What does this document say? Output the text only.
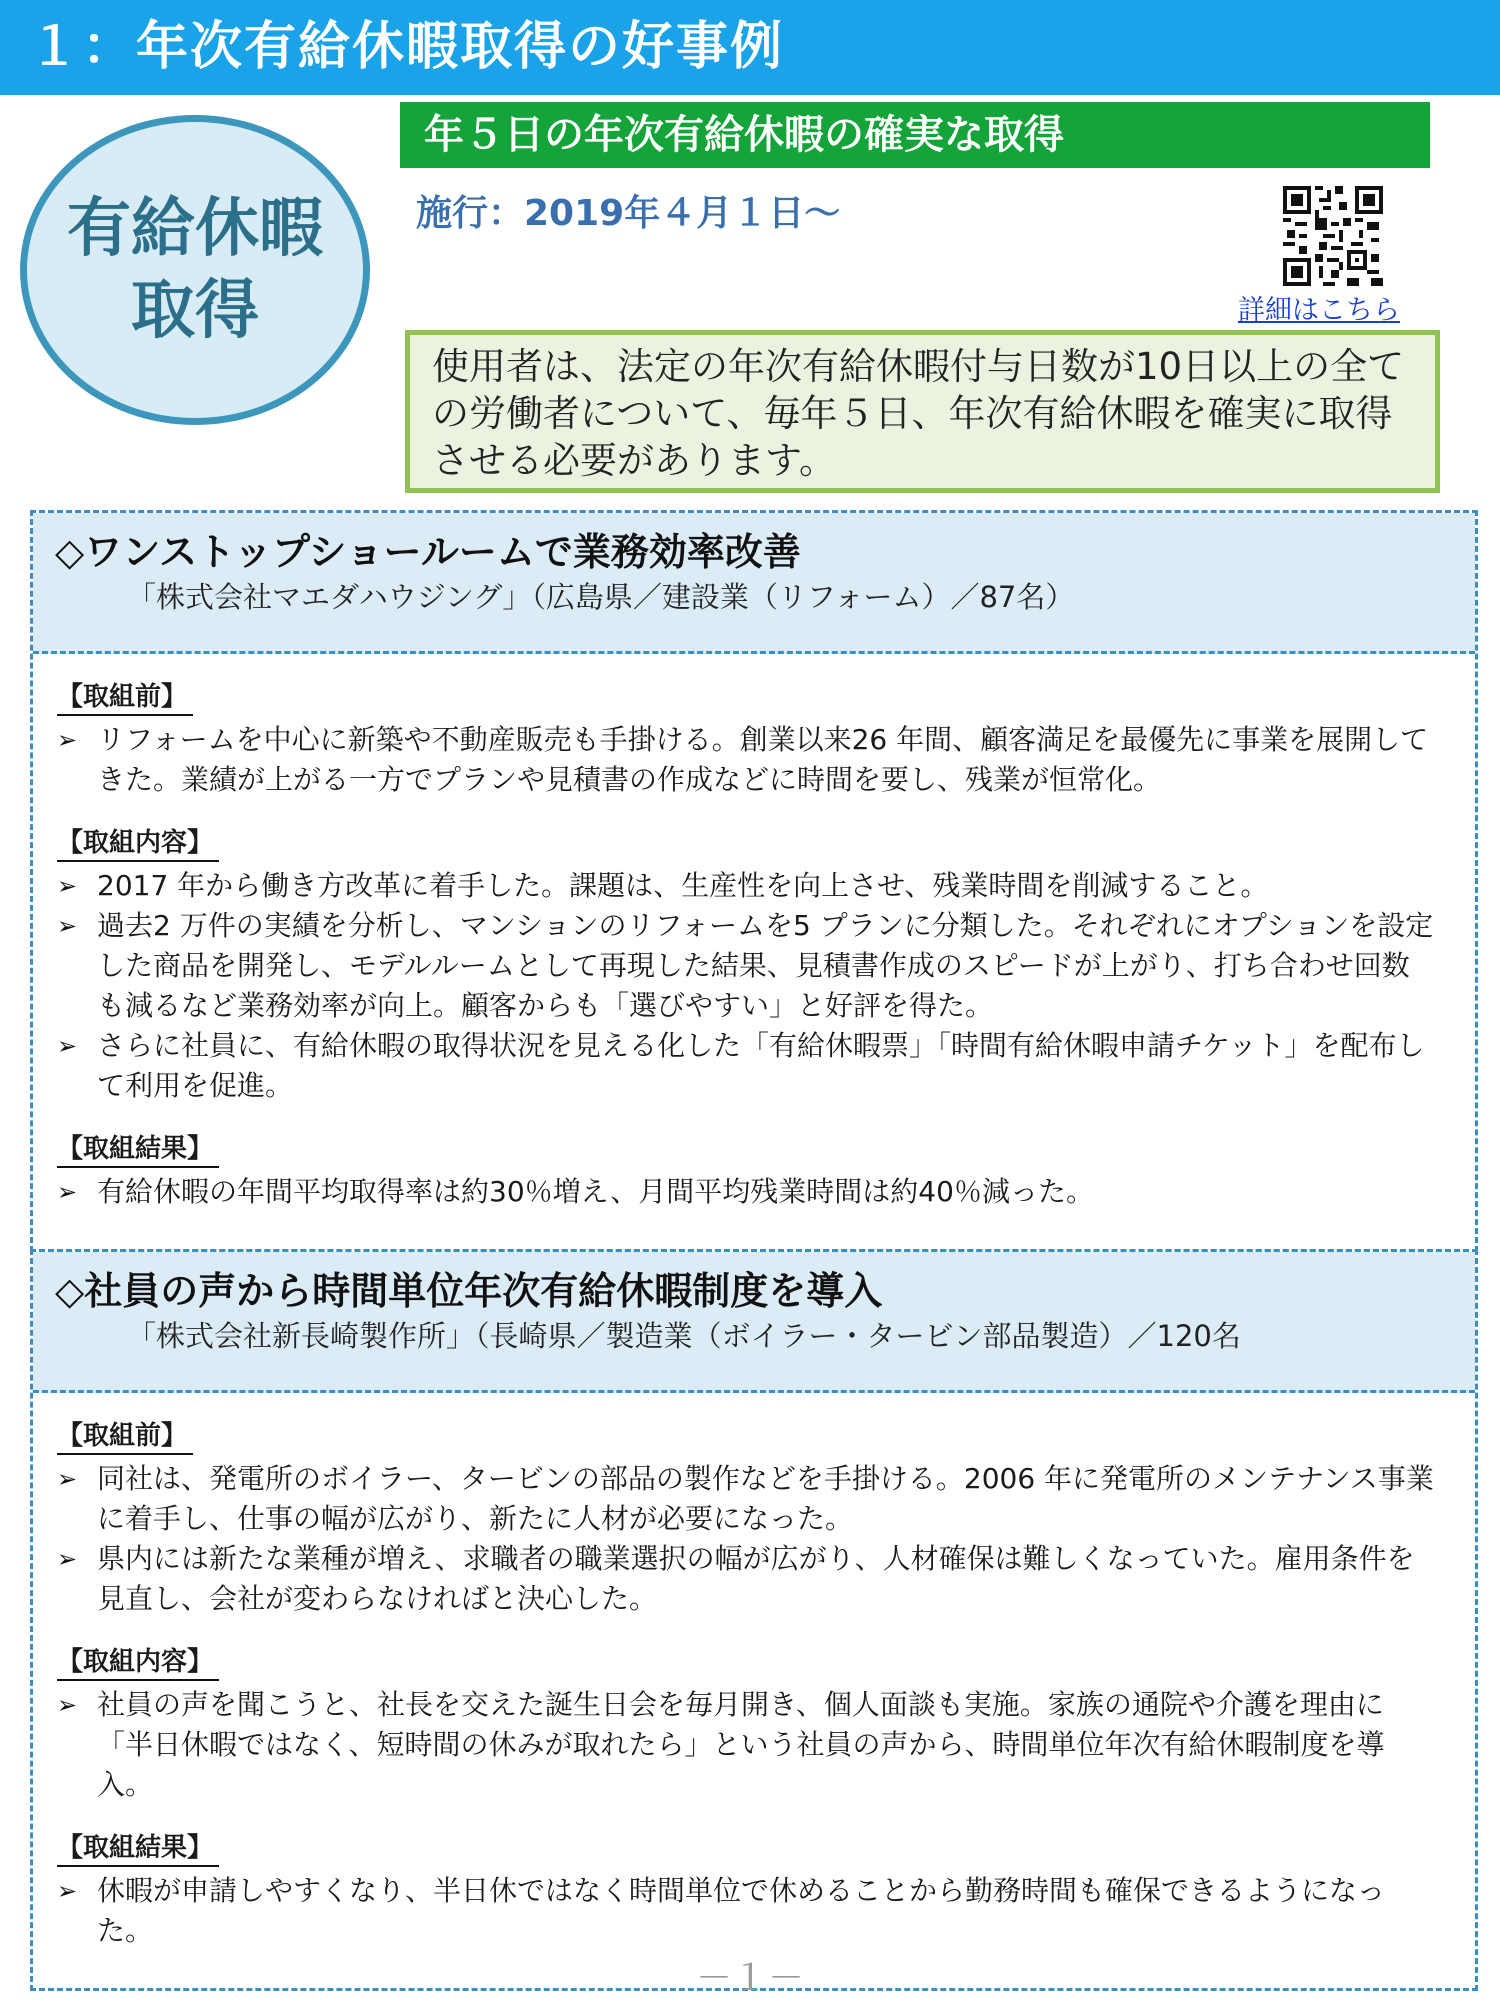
１：年次有給休暇取得の好事例
有給休暇
取得
年５日の年次有給休暇の確実な取得
施行：2019年４月１日～
詳細はこちら
使用者は、法定の年次有給休暇付与日数が10日以上の全ての労働者について、毎年５日、年次有給休暇を確実に取得させる必要があります。
◇ワンストップショールームで業務効率改善
「株式会社マエダハウジング」（広島県／建設業（リフォーム）／87名）
【取組前】
➢ リフォームを中心に新築や不動産販売も手掛ける。創業以来26 年間、顧客満足を最優先に事業を展開してきた。業績が上がる一方でプランや見積書の作成などに時間を要し、残業が恒常化。
【取組内容】
➢ 2017 年から働き方改革に着手した。課題は、生産性を向上させ、残業時間を削減すること。
➢ 過去2 万件の実績を分析し、マンションのリフォームを5 プランに分類した。それぞれにオプションを設定した商品を開発し、モデルルームとして再現した結果、見積書作成のスピードが上がり、打ち合わせ回数も減るなど業務効率が向上。顧客からも「選びやすい」と好評を得た。
➢ さらに社員に、有給休暇の取得状況を見える化した「有給休暇票」「時間有給休暇申請チケット」を配布して利用を促進。
【取組結果】
➢ 有給休暇の年間平均取得率は約30％増え、月間平均残業時間は約40％減った。
◇社員の声から時間単位年次有給休暇制度を導入
「株式会社新長崎製作所」（長崎県／製造業（ボイラー・タービン部品製造）／120名
【取組前】
➢ 同社は、発電所のボイラー、タービンの部品の製作などを手掛ける。2006 年に発電所のメンテナンス事業に着手し、仕事の幅が広がり、新たに人材が必要になった。
➢ 県内には新たな業種が増え、求職者の職業選択の幅が広がり、人材確保は難しくなっていた。雇用条件を見直し、会社が変わらなければと決心した。
【取組内容】
➢ 社員の声を聞こうと、社長を交えた誕生日会を毎月開き、個人面談も実施。家族の通院や介護を理由に「半日休暇ではなく、短時間の休みが取れたら」という社員の声から、時間単位年次有給休暇制度を導入。
【取組結果】
➢ 休暇が申請しやすくなり、半日休ではなく時間単位で休めることから勤務時間も確保できるようになった。
－１－
